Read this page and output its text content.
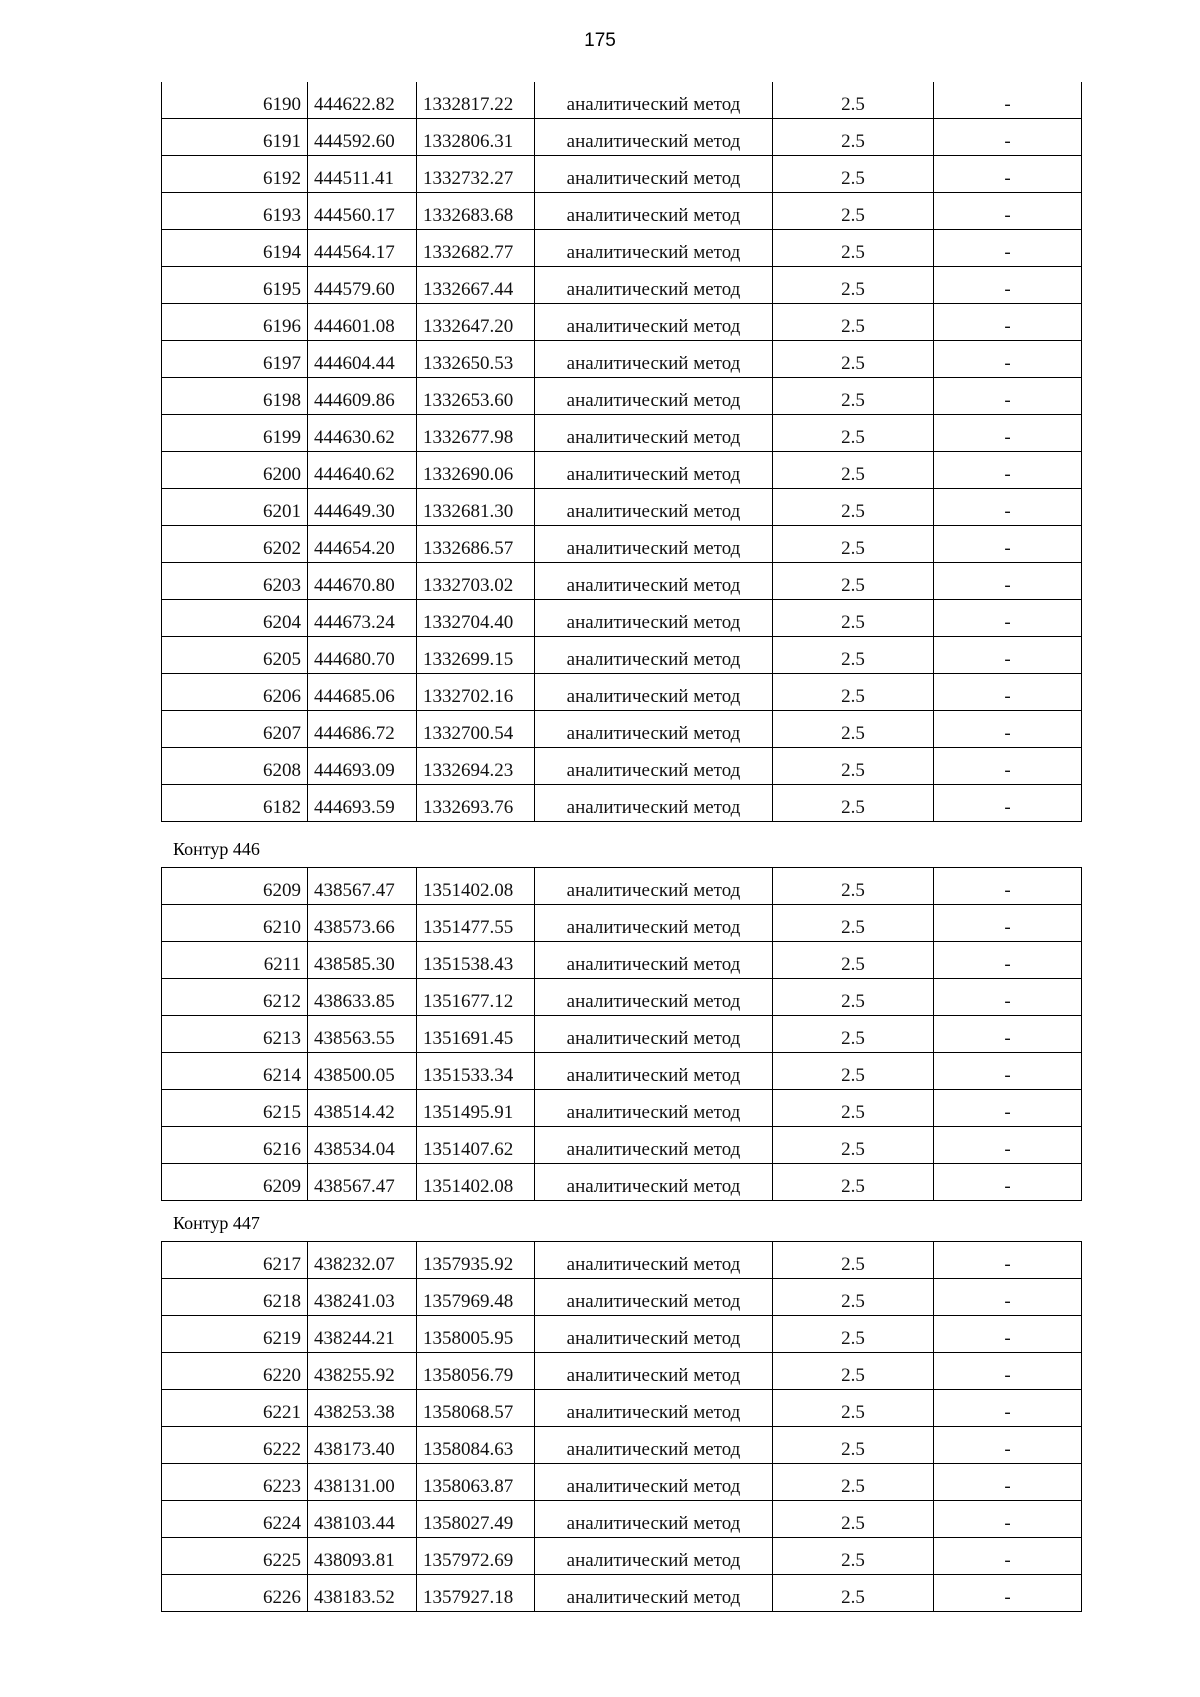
175
6190	444622.82	1332817.22	аналитический метод	2.5	-
6191	444592.60	1332806.31	аналитический метод	2.5	-
6192	444511.41	1332732.27	аналитический метод	2.5	-
6193	444560.17	1332683.68	аналитический метод	2.5	-
6194	444564.17	1332682.77	аналитический метод	2.5	-
6195	444579.60	1332667.44	аналитический метод	2.5	-
6196	444601.08	1332647.20	аналитический метод	2.5	-
6197	444604.44	1332650.53	аналитический метод	2.5	-
6198	444609.86	1332653.60	аналитический метод	2.5	-
6199	444630.62	1332677.98	аналитический метод	2.5	-
6200	444640.62	1332690.06	аналитический метод	2.5	-
6201	444649.30	1332681.30	аналитический метод	2.5	-
6202	444654.20	1332686.57	аналитический метод	2.5	-
6203	444670.80	1332703.02	аналитический метод	2.5	-
6204	444673.24	1332704.40	аналитический метод	2.5	-
6205	444680.70	1332699.15	аналитический метод	2.5	-
6206	444685.06	1332702.16	аналитический метод	2.5	-
6207	444686.72	1332700.54	аналитический метод	2.5	-
6208	444693.09	1332694.23	аналитический метод	2.5	-
6182	444693.59	1332693.76	аналитический метод	2.5	-
Контур 446
6209	438567.47	1351402.08	аналитический метод	2.5	-
6210	438573.66	1351477.55	аналитический метод	2.5	-
6211	438585.30	1351538.43	аналитический метод	2.5	-
6212	438633.85	1351677.12	аналитический метод	2.5	-
6213	438563.55	1351691.45	аналитический метод	2.5	-
6214	438500.05	1351533.34	аналитический метод	2.5	-
6215	438514.42	1351495.91	аналитический метод	2.5	-
6216	438534.04	1351407.62	аналитический метод	2.5	-
6209	438567.47	1351402.08	аналитический метод	2.5	-
Контур 447
6217	438232.07	1357935.92	аналитический метод	2.5	-
6218	438241.03	1357969.48	аналитический метод	2.5	-
6219	438244.21	1358005.95	аналитический метод	2.5	-
6220	438255.92	1358056.79	аналитический метод	2.5	-
6221	438253.38	1358068.57	аналитический метод	2.5	-
6222	438173.40	1358084.63	аналитический метод	2.5	-
6223	438131.00	1358063.87	аналитический метод	2.5	-
6224	438103.44	1358027.49	аналитический метод	2.5	-
6225	438093.81	1357972.69	аналитический метод	2.5	-
6226	438183.52	1357927.18	аналитический метод	2.5	-
